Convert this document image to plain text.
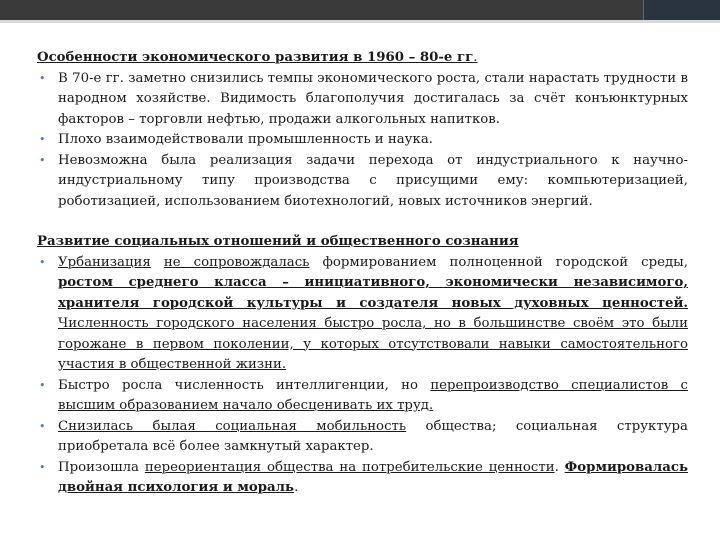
Особенности экономического развития в 1960 – 80-е гг.

• В 70-е гг. заметно снизились темпы экономического роста, стали нарастать трудности в народном хозяйстве. Видимость благополучия достигалась за счёт конъюнктурных факторов – торговли нефтью, продажи алкогольных напитков.
• Плохо взаимодействовали промышленность и наука.
• Невозможна была реализация задачи перехода от индустриального к научно-индустриальному типу производства с присущими ему: компьютеризацией, роботизацией, использованием биотехнологий, новых источников энергий.

Развитие социальных отношений и общественного сознания

• Урбанизация не сопровождалась формированием полноценной городской среды, ростом среднего класса – инициативного, экономически независимого, хранителя городской культуры и создателя новых духовных ценностей. Численность городского населения быстро росла, но в большинстве своём это были горожане в первом поколении, у которых отсутствовали навыки самостоятельного участия в общественной жизни.
• Быстро росла численность интеллигенции, но перепроизводство специалистов с высшим образованием начало обесценивать их труд.
• Снизилась былая социальная мобильность общества; социальная структура приобретала всё более замкнутый характер.
• Произошла переориентация общества на потребительские ценности. Формировалась двойная психология и мораль.
